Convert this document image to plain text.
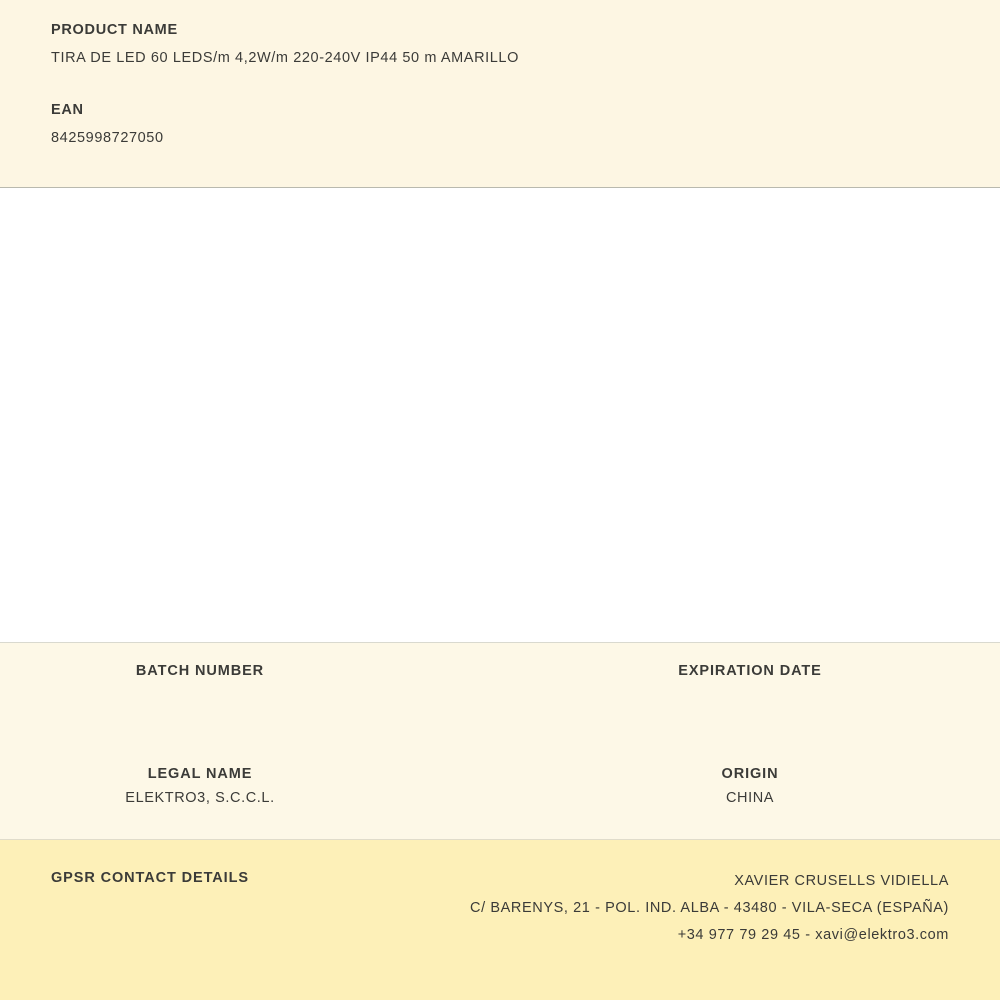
PRODUCT NAME

TIRA DE LED 60 LEDS/m 4,2W/m 220-240V IP44 50 m AMARILLO

EAN

8425998727050

BATCH NUMBER	EXPIRATION DATE

LEGAL NAME

ELEKTRO3, S.C.C.L.

ORIGIN

CHINA

GPSR CONTACT DETAILS	XAVIER CRUSELLS VIDIELLA
C/ BARENYS, 21 - POL. IND. ALBA - 43480 - VILA-SECA (ESPAÑA)
+34 977 79 29 45 - xavi@elektro3.com
